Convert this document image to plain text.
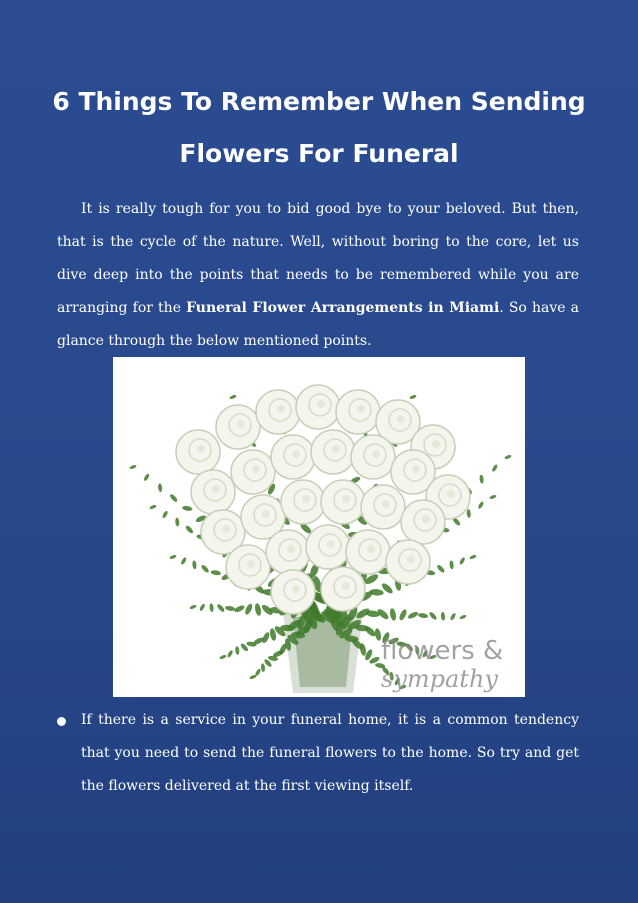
6 Things To Remember When Sending
Flowers For Funeral

It is really tough for you to bid good bye to your beloved. But then, that is the cycle of the nature. Well, without boring to the core, let us dive deep into the points that needs to be remembered while you are arranging for the Funeral Flower Arrangements in Miami. So have a glance through the below mentioned points.

flowers &
sympathy
If there is a service in your funeral home, it is a common tendency that you need to send the funeral flowers to the home. So try and get the flowers delivered at the first viewing itself.
